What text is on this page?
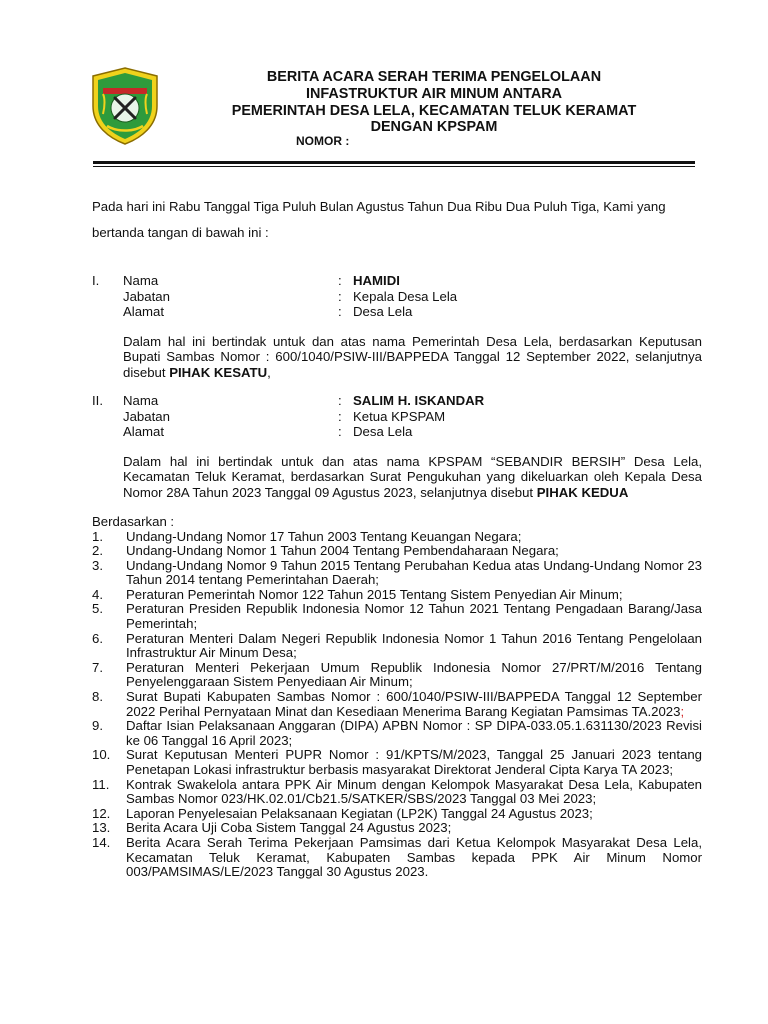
BERITA ACARA SERAH TERIMA PENGELOLAAN
INFASTRUKTUR AIR MINUM ANTARA
PEMERINTAH DESA LELA, KECAMATAN TELUK KERAMAT
DENGAN KPSPAM
NOMOR :

Pada hari ini Rabu Tanggal Tiga Puluh Bulan Agustus Tahun Dua Ribu Dua Puluh Tiga, Kami yang bertanda tangan di bawah ini :

I.	Nama	: HAMIDI
Jabatan	: Kepala Desa Lela
Alamat	: Desa Lela

Dalam hal ini bertindak untuk dan atas nama Pemerintah Desa Lela, berdasarkan Keputusan Bupati Sambas Nomor : 600/1040/PSIW-III/BAPPEDA Tanggal 12 September 2022, selanjutnya disebut PIHAK KESATU,

II.	Nama	: SALIM H. ISKANDAR
Jabatan	: Ketua KPSPAM
Alamat	: Desa Lela

Dalam hal ini bertindak untuk dan atas nama KPSPAM “SEBANDIR BERSIH” Desa Lela, Kecamatan Teluk Keramat, berdasarkan Surat Pengukuhan yang dikeluarkan oleh Kepala Desa Nomor 28A Tahun 2023 Tanggal 09 Agustus 2023, selanjutnya disebut PIHAK KEDUA

Berdasarkan :
1.	Undang-Undang Nomor 17 Tahun 2003 Tentang Keuangan Negara;
2.	Undang-Undang Nomor 1 Tahun 2004 Tentang Pembendaharaan Negara;
3.	Undang-Undang Nomor 9 Tahun 2015 Tentang Perubahan Kedua atas Undang-Undang Nomor 23 Tahun 2014 tentang Pemerintahan Daerah;
4.	Peraturan Pemerintah Nomor 122 Tahun 2015 Tentang Sistem Penyedian Air Minum;
5.	Peraturan Presiden Republik Indonesia Nomor 12 Tahun 2021 Tentang Pengadaan Barang/Jasa Pemerintah;
6.	Peraturan Menteri Dalam Negeri Republik Indonesia Nomor 1 Tahun 2016 Tentang Pengelolaan Infrastruktur Air Minum Desa;
7.	Peraturan Menteri Pekerjaan Umum Republik Indonesia Nomor 27/PRT/M/2016 Tentang Penyelenggaraan Sistem Penyediaan Air Minum;
8.	Surat Bupati Kabupaten Sambas Nomor : 600/1040/PSIW-III/BAPPEDA Tanggal 12 September 2022 Perihal Pernyataan Minat dan Kesediaan Menerima Barang Kegiatan Pamsimas TA.2023;
9.	Daftar Isian Pelaksanaan Anggaran (DIPA) APBN Nomor : SP DIPA-033.05.1.631130/2023 Revisi ke 06 Tanggal 16 April 2023;
10.	Surat Keputusan Menteri PUPR Nomor : 91/KPTS/M/2023, Tanggal 25 Januari 2023 tentang Penetapan Lokasi infrastruktur berbasis masyarakat Direktorat Jenderal Cipta Karya TA 2023;
11.	Kontrak Swakelola antara PPK Air Minum dengan Kelompok Masyarakat Desa Lela, Kabupaten Sambas Nomor 023/HK.02.01/Cb21.5/SATKER/SBS/2023 Tanggal 03 Mei 2023;
12.	Laporan Penyelesaian Pelaksanaan Kegiatan (LP2K) Tanggal 24 Agustus 2023;
13.	Berita Acara Uji Coba Sistem Tanggal 24 Agustus 2023;
14.	Berita Acara Serah Terima Pekerjaan Pamsimas dari Ketua Kelompok Masyarakat Desa Lela, Kecamatan Teluk Keramat, Kabupaten Sambas kepada PPK Air Minum Nomor 003/PAMSIMAS/LE/2023 Tanggal 30 Agustus 2023.
